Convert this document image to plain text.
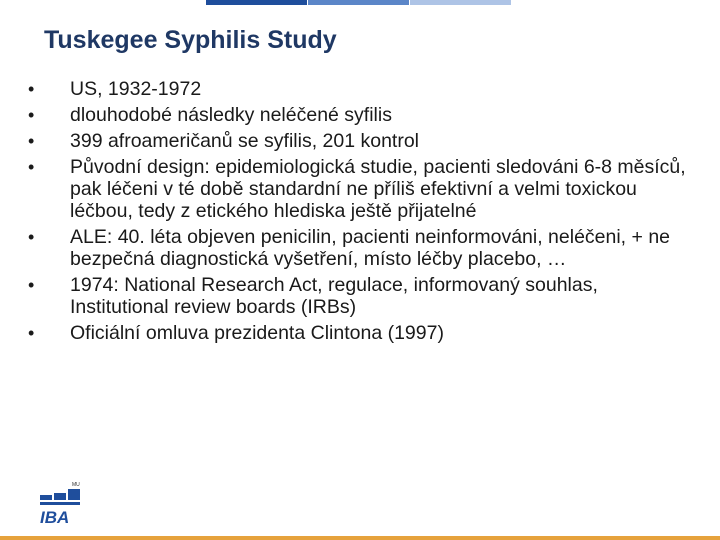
Tuskegee Syphilis Study
• US, 1932-1972
• dlouhodobé následky neléčené syfilis
• 399 afroameričanů se syfilis, 201 kontrol
• Původní design: epidemiologická studie, pacienti sledováni 6-8 měsíců, pak léčeni v té době standardní ne příliš efektivní a velmi toxickou léčbou, tedy z etického hlediska ještě přijatelné
• ALE: 40. léta objeven penicilin, pacienti neinformováni, neléčeni, + ne bezpečná diagnostická vyšetření, místo léčby placebo, …
• 1974: National Research Act, regulace, informovaný souhlas, Institutional review boards (IRBs)
• Oficiální omluva prezidenta Clintona (1997)
MU
IBA
